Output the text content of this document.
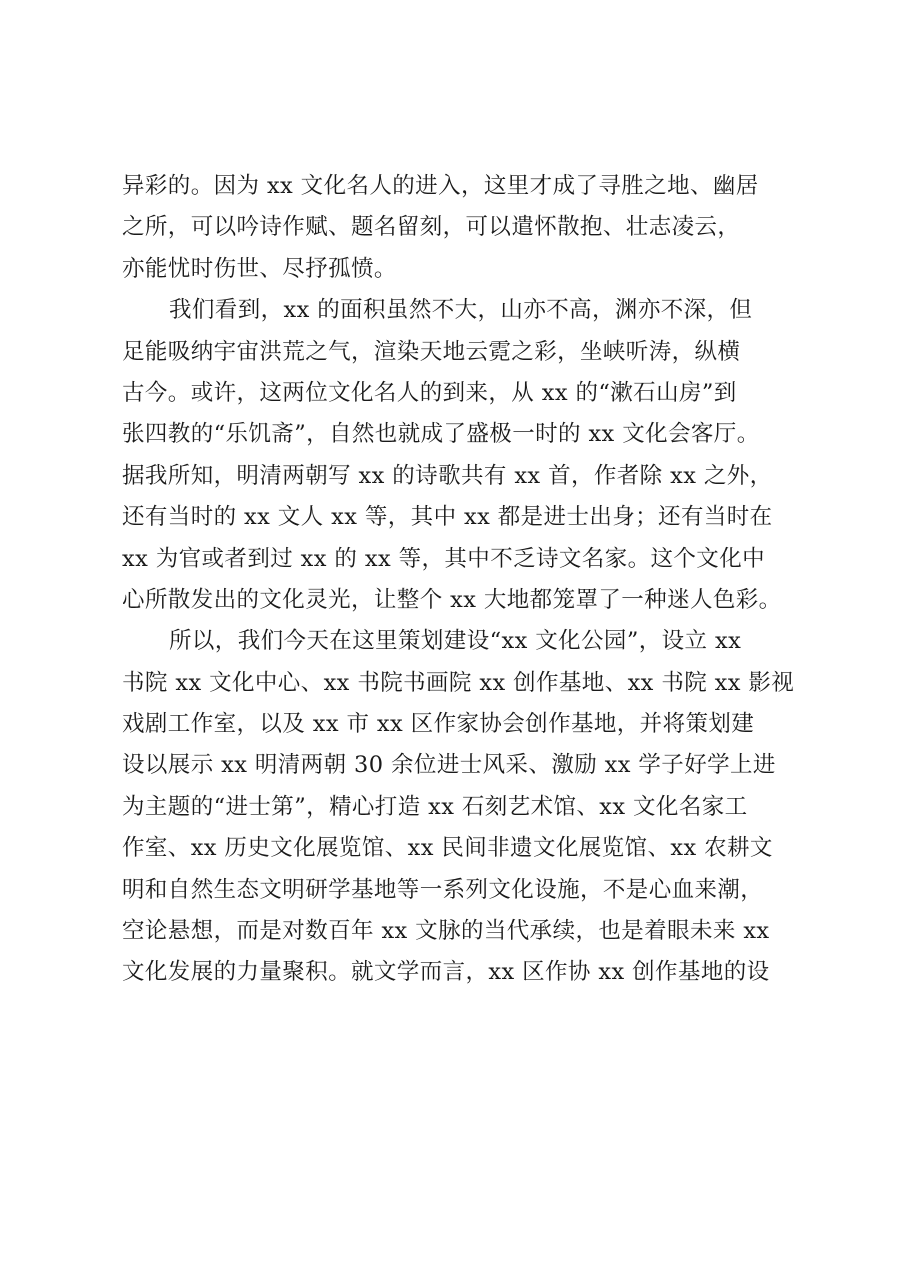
异彩的。因为 xx 文化名人的进入，这里才成了寻胜之地、幽居
之所，可以吟诗作赋、题名留刻，可以遣怀散抱、壮志凌云，
亦能忧时伤世、尽抒孤愤。
我们看到，xx 的面积虽然不大，山亦不高，渊亦不深，但
足能吸纳宇宙洪荒之气，渲染天地云霓之彩，坐峡听涛，纵横
古今。或许，这两位文化名人的到来，从 xx 的“漱石山房”到
张四教的“乐饥斋”，自然也就成了盛极一时的 xx 文化会客厅。
据我所知，明清两朝写 xx 的诗歌共有 xx 首，作者除 xx 之外，
还有当时的 xx 文人 xx 等，其中 xx 都是进士出身；还有当时在
xx 为官或者到过 xx 的 xx 等，其中不乏诗文名家。这个文化中
心所散发出的文化灵光，让整个 xx 大地都笼罩了一种迷人色彩。
所以，我们今天在这里策划建设“xx 文化公园”，设立 xx
书院 xx 文化中心、xx 书院书画院 xx 创作基地、xx 书院 xx 影视
戏剧工作室，以及 xx 市 xx 区作家协会创作基地，并将策划建
设以展示 xx 明清两朝 30 余位进士风采、激励 xx 学子好学上进
为主题的“进士第”，精心打造 xx 石刻艺术馆、xx 文化名家工
作室、xx 历史文化展览馆、xx 民间非遗文化展览馆、xx 农耕文
明和自然生态文明研学基地等一系列文化设施，不是心血来潮，
空论悬想，而是对数百年 xx 文脉的当代承续，也是着眼未来 xx
文化发展的力量聚积。就文学而言，xx 区作协 xx 创作基地的设
